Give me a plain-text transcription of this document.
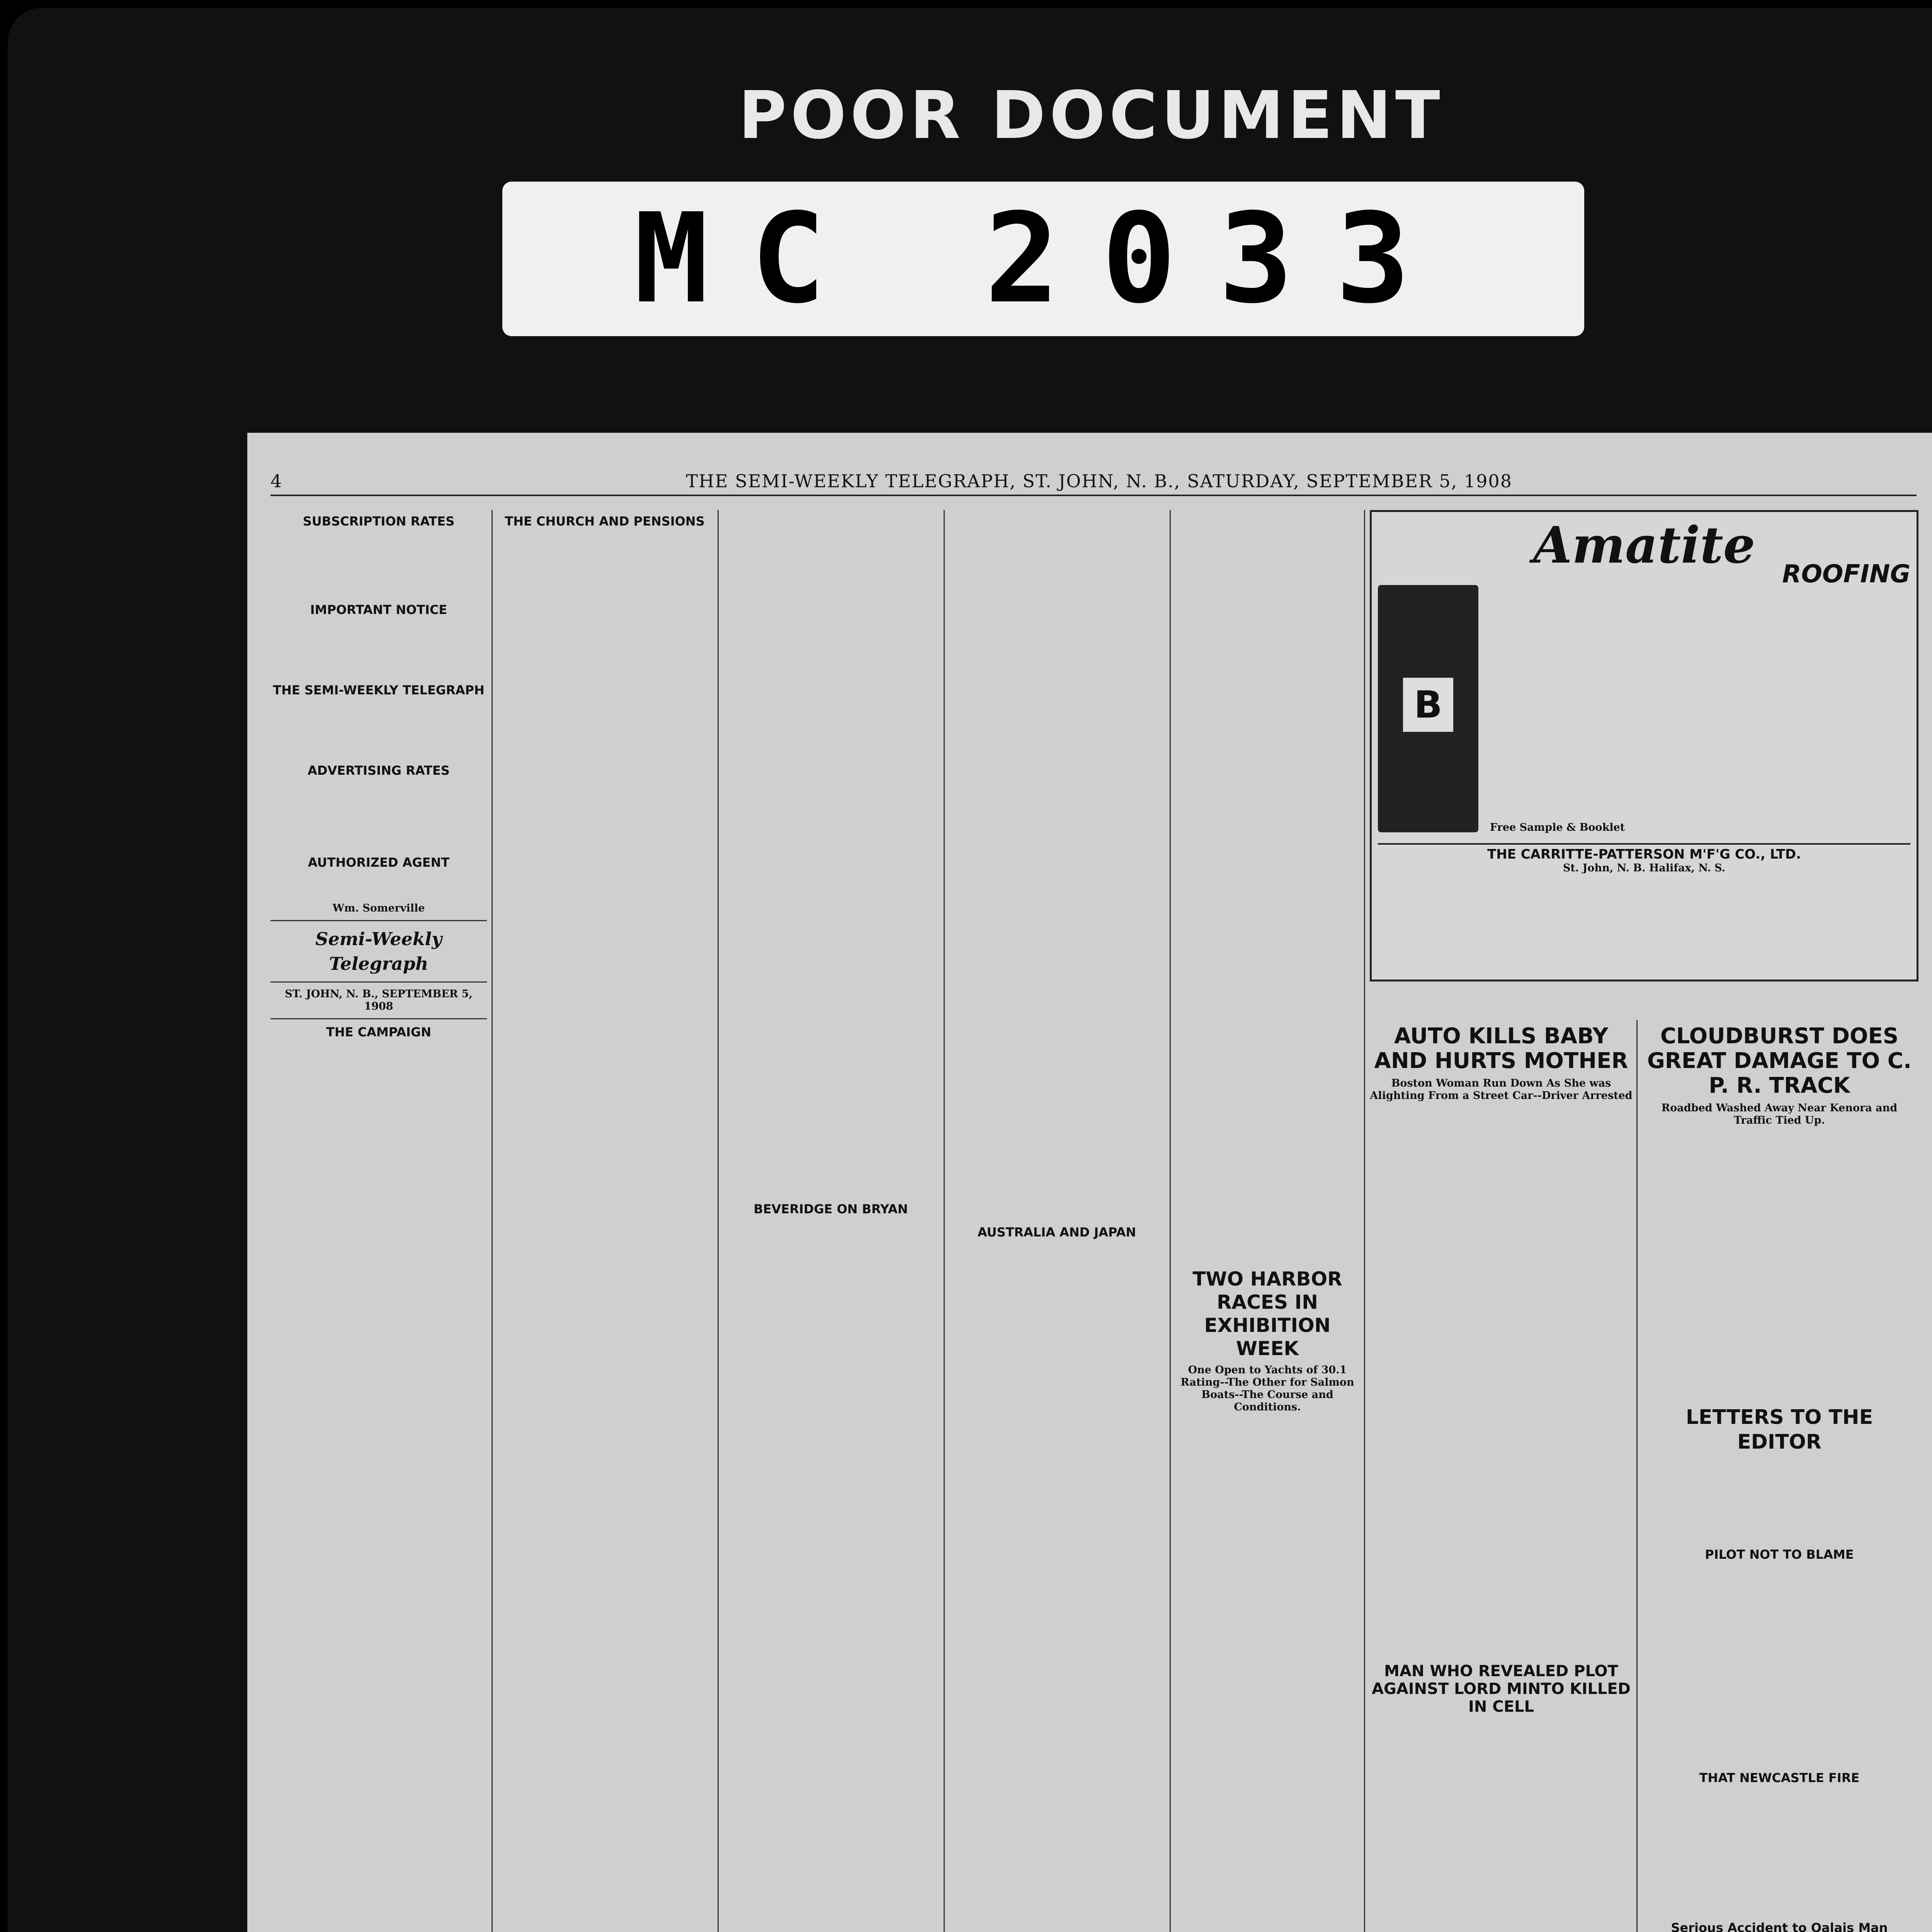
POOR DOCUMENT
MC 2033
4	THE SEMI-WEEKLY TELEGRAPH, ST. JOHN, N. B., SATURDAY, SEPTEMBER 5, 1908
SUBSCRIPTION RATES
IMPORTANT NOTICE
THE SEMI-WEEKLY TELEGRAPH
ADVERTISING RATES
AUTHORIZED AGENT
Wm. Somerville
Semi-Weekly Telegraph
ST. JOHN, N. B., SEPTEMBER 5, 1908
THE CAMPAIGN
THE CHURCH AND PENSIONS
BEVERIDGE ON BRYAN
AUSTRALIA AND JAPAN
TWO HARBOR RACES IN EXHIBITION WEEK
One Open to Yachts of 30.1 Rating--The Other for Salmon Boats--The Course and Conditions.
Amatite	ROOFING
B
Free Sample & Booklet
THE CARRITTE-PATTERSON M'F'G CO., LTD.
St. John, N. B. Halifax, N. S.
AUTO KILLS BABY AND HURTS MOTHER
Boston Woman Run Down As She was Alighting From a Street Car--Driver Arrested
MAN WHO REVEALED PLOT AGAINST LORD MINTO KILLED IN CELL
CLOUDBURST DOES GREAT DAMAGE TO C. P. R. TRACK
Roadbed Washed Away Near Kenora and Traffic Tied Up.
LETTERS TO THE EDITOR
PILOT NOT TO BLAME
THAT NEWCASTLE FIRE
Serious Accident to Oalais Man
